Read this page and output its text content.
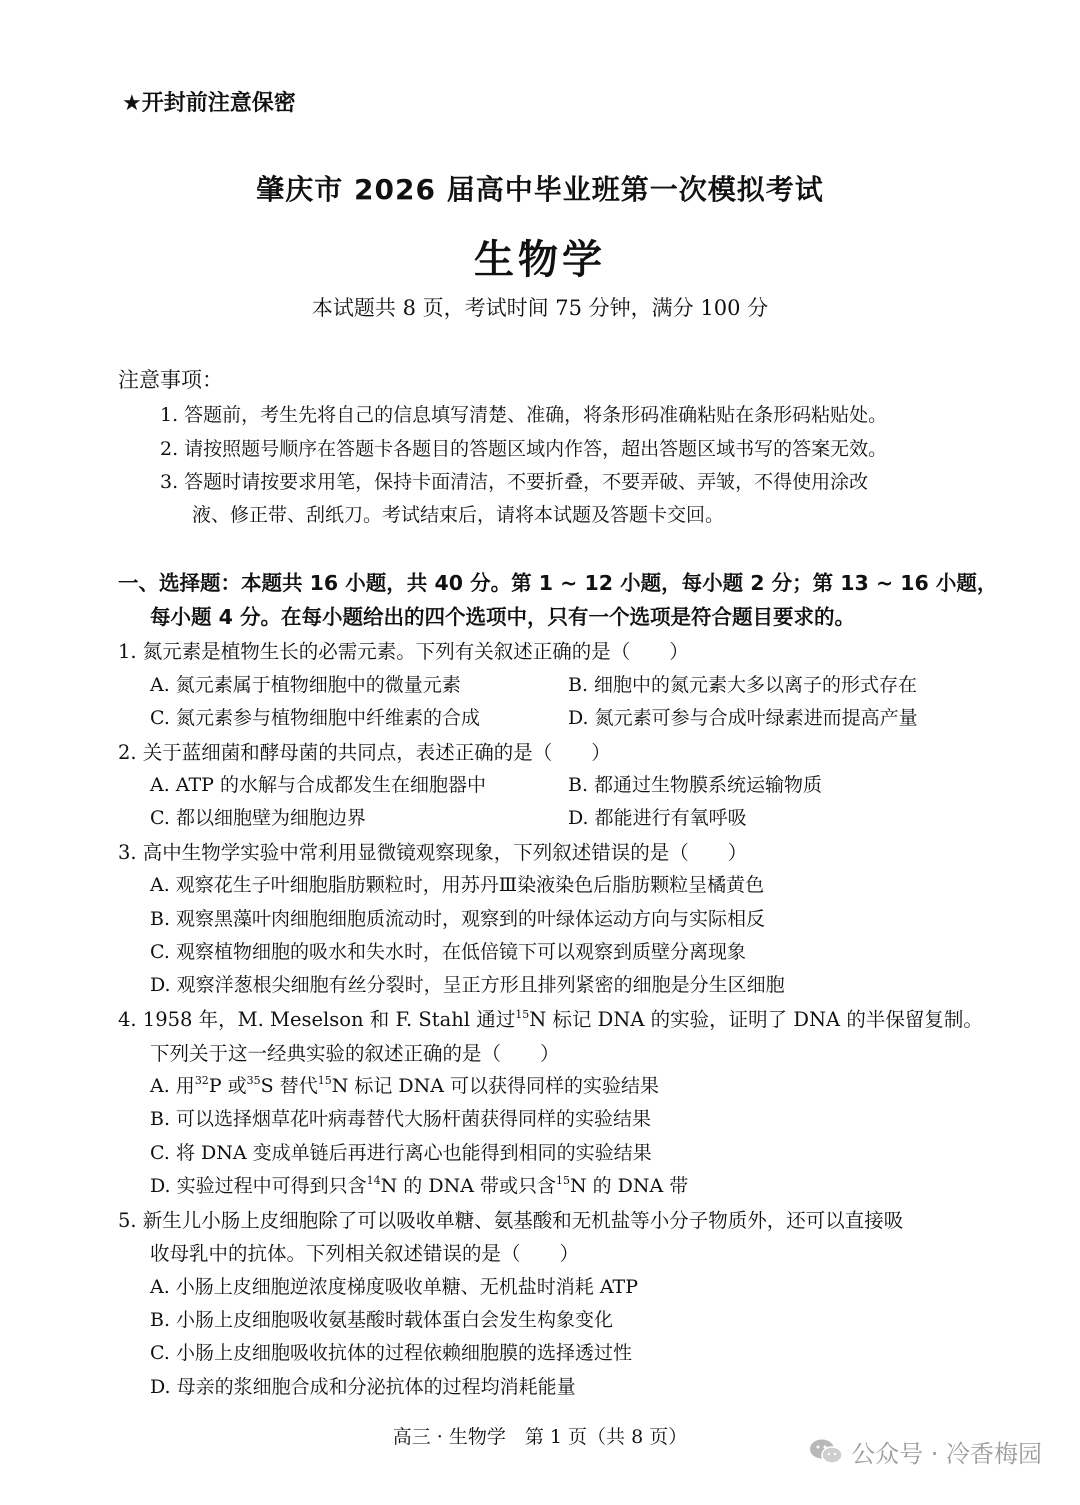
★开封前注意保密
肇庆市 2026 届高中毕业班第一次模拟考试
生物学
本试题共 8 页，考试时间 75 分钟，满分 100 分
注意事项：
1. 答题前，考生先将自己的信息填写清楚、准确，将条形码准确粘贴在条形码粘贴处。
2. 请按照题号顺序在答题卡各题目的答题区域内作答，超出答题区域书写的答案无效。
3. 答题时请按要求用笔，保持卡面清洁，不要折叠，不要弄破、弄皱，不得使用涂改
液、修正带、刮纸刀。考试结束后，请将本试题及答题卡交回。
一、选择题：本题共 16 小题，共 40 分。第 1 ~ 12 小题，每小题 2 分；第 13 ~ 16 小题，
每小题 4 分。在每小题给出的四个选项中，只有一个选项是符合题目要求的。
1. 氮元素是植物生长的必需元素。下列有关叙述正确的是（　　）
A. 氮元素属于植物细胞中的微量元素	B. 细胞中的氮元素大多以离子的形式存在
C. 氮元素参与植物细胞中纤维素的合成	D. 氮元素可参与合成叶绿素进而提高产量
2. 关于蓝细菌和酵母菌的共同点，表述正确的是（　　）
A. ATP 的水解与合成都发生在细胞器中	B. 都通过生物膜系统运输物质
C. 都以细胞壁为细胞边界	D. 都能进行有氧呼吸
3. 高中生物学实验中常利用显微镜观察现象，下列叙述错误的是（　　）
A. 观察花生子叶细胞脂肪颗粒时，用苏丹Ⅲ染液染色后脂肪颗粒呈橘黄色
B. 观察黑藻叶肉细胞细胞质流动时，观察到的叶绿体运动方向与实际相反
C. 观察植物细胞的吸水和失水时，在低倍镜下可以观察到质壁分离现象
D. 观察洋葱根尖细胞有丝分裂时，呈正方形且排列紧密的细胞是分生区细胞
4. 1958 年，M. Meselson 和 F. Stahl 通过$^{15}$N 标记 DNA 的实验，证明了 DNA 的半保留复制。
下列关于这一经典实验的叙述正确的是（　　）
A. 用$^{32}$P 或$^{35}$S 替代$^{15}$N 标记 DNA 可以获得同样的实验结果
B. 可以选择烟草花叶病毒替代大肠杆菌获得同样的实验结果
C. 将 DNA 变成单链后再进行离心也能得到相同的实验结果
D. 实验过程中可得到只含$^{14}$N 的 DNA 带或只含$^{15}$N 的 DNA 带
5. 新生儿小肠上皮细胞除了可以吸收单糖、氨基酸和无机盐等小分子物质外，还可以直接吸
收母乳中的抗体。下列相关叙述错误的是（　　）
A. 小肠上皮细胞逆浓度梯度吸收单糖、无机盐时消耗 ATP
B. 小肠上皮细胞吸收氨基酸时载体蛋白会发生构象变化
C. 小肠上皮细胞吸收抗体的过程依赖细胞膜的选择透过性
D. 母亲的浆细胞合成和分泌抗体的过程均消耗能量
高三 · 生物学　第 1 页（共 8 页）
公众号 · 冷香梅园
